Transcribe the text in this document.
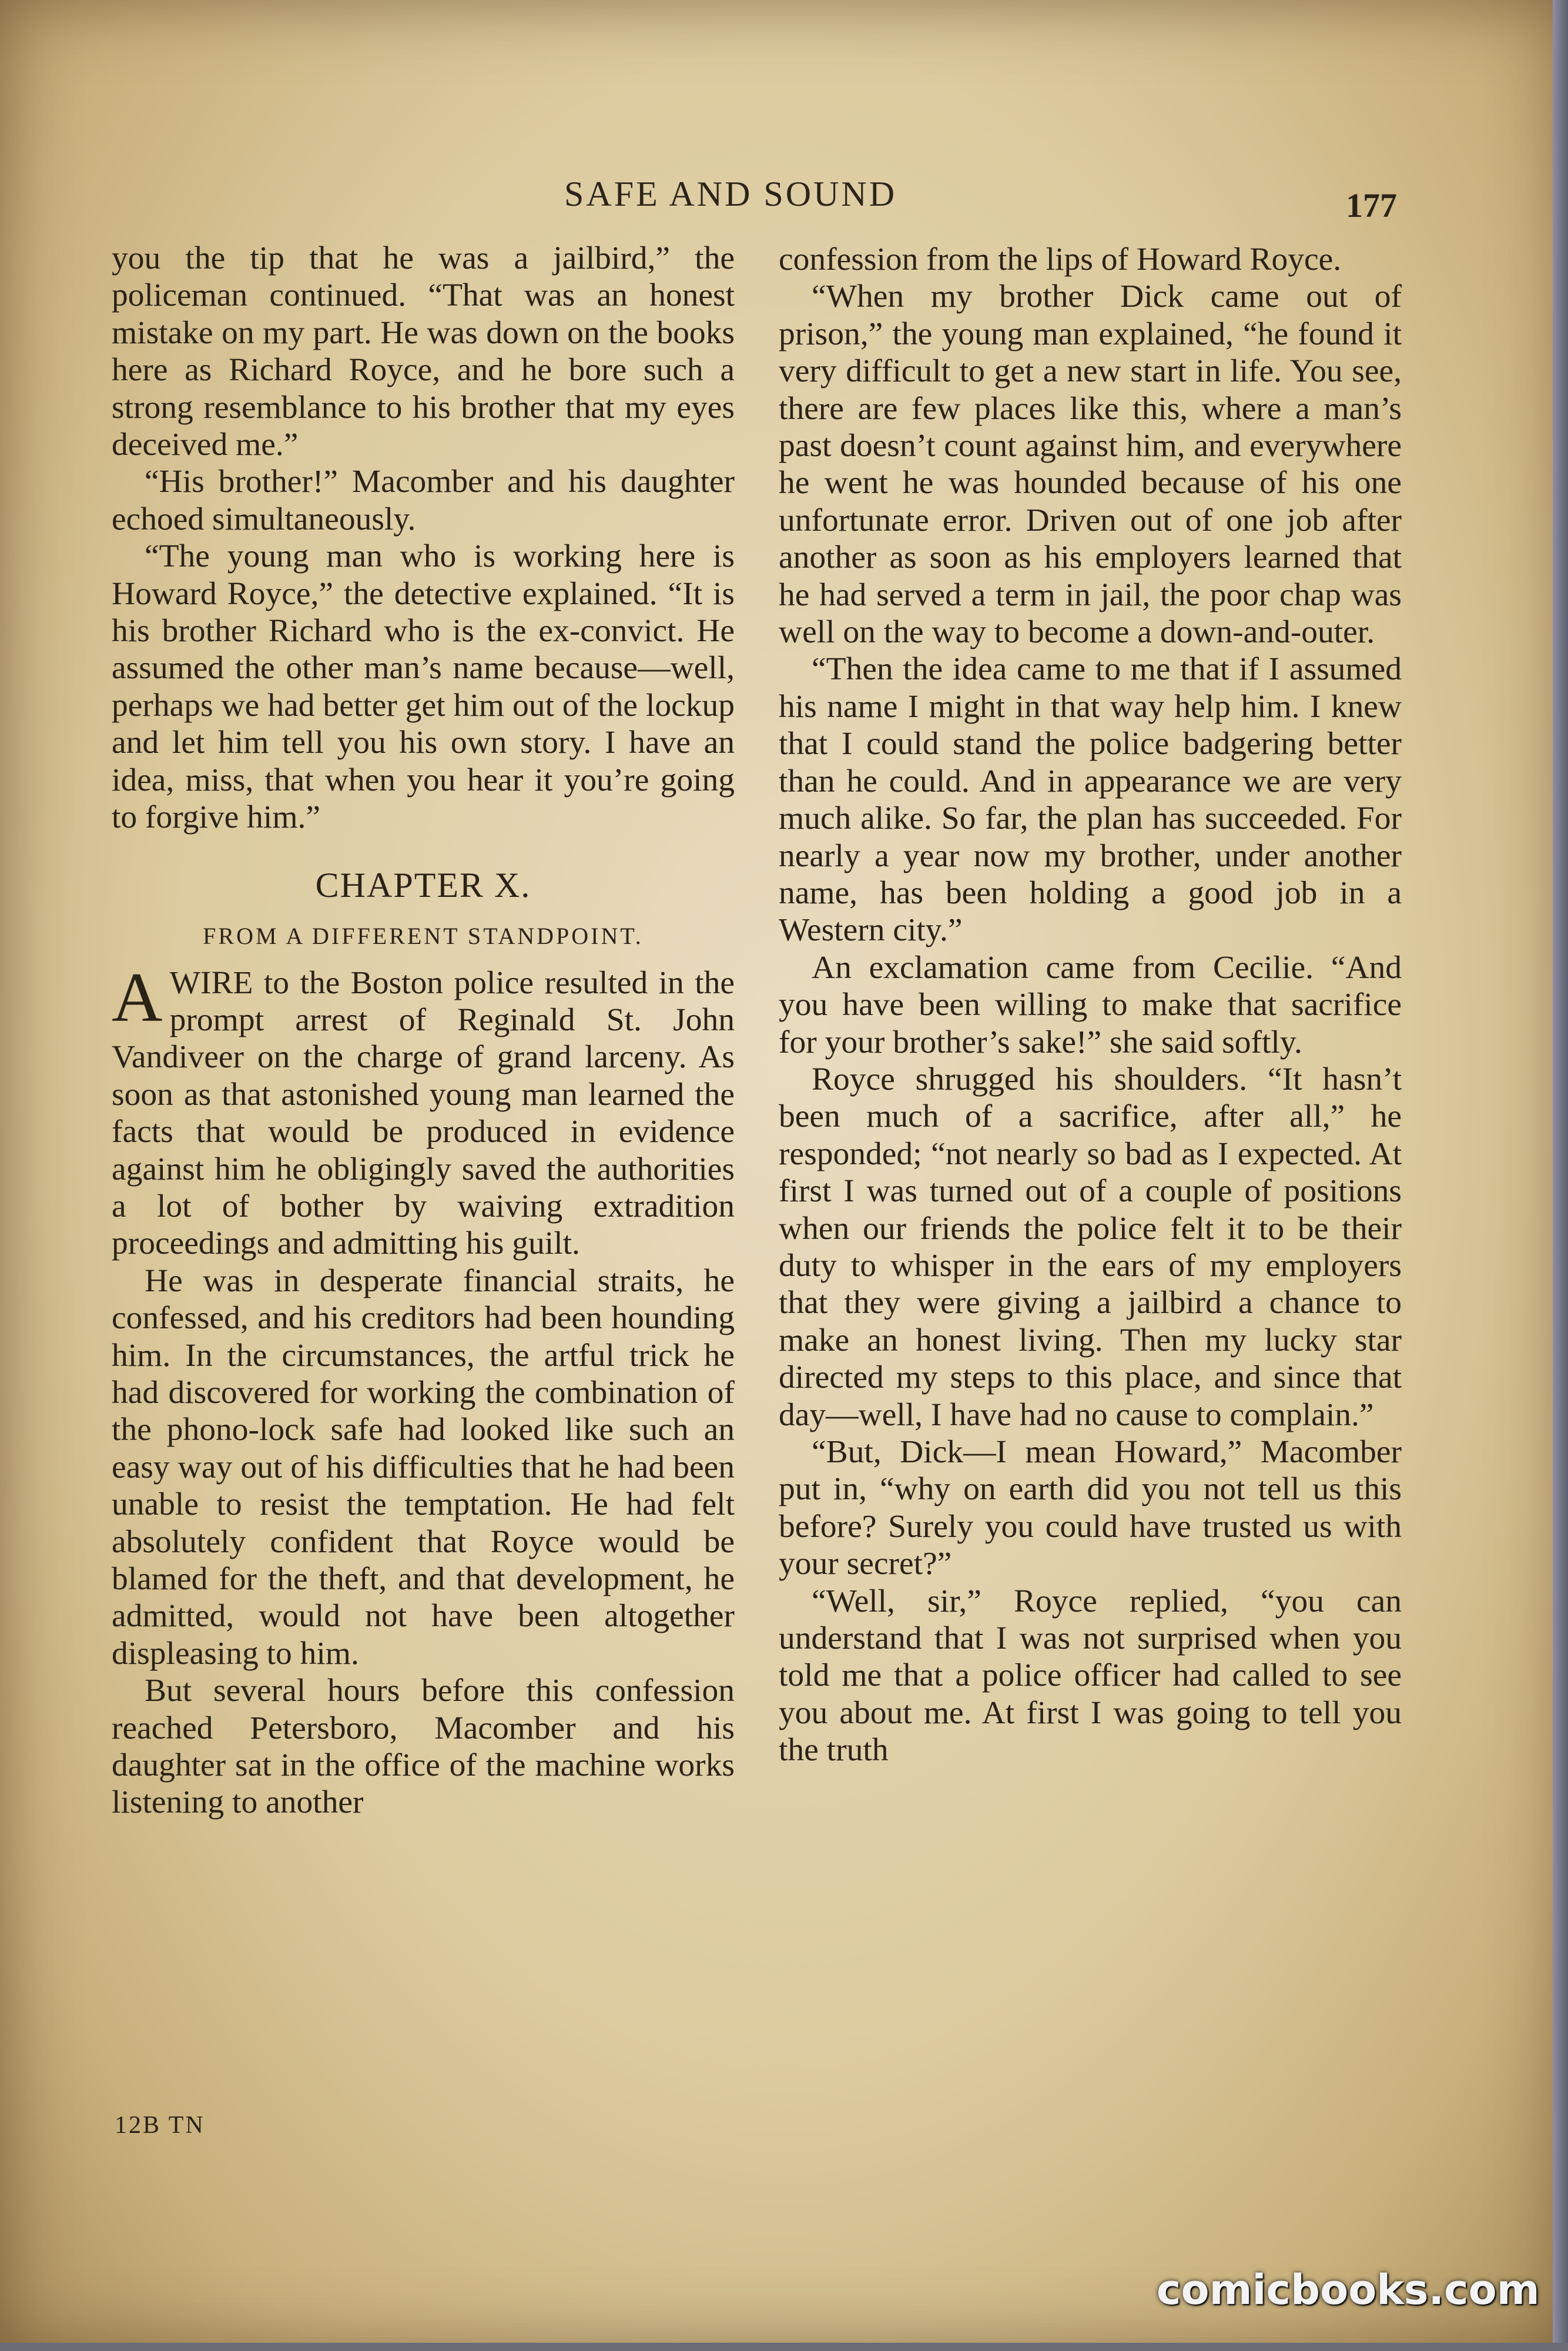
SAFE AND SOUND	177

you the tip that he was a jailbird,” the policeman continued. “That was an honest mistake on my part. He was down on the books here as Richard Royce, and he bore such a strong resemblance to his brother that my eyes deceived me.”

“His brother!” Macomber and his daughter echoed simultaneously.

“The young man who is working here is Howard Royce,” the detective explained. “It is his brother Richard who is the ex-convict. He assumed the other man’s name because—well, perhaps we had better get him out of the lockup and let him tell you his own story. I have an idea, miss, that when you hear it you’re going to forgive him.”

CHAPTER X.
FROM A DIFFERENT STANDPOINT.

AWIRE to the Boston police resulted in the prompt arrest of Reginald St. John Vandiveer on the charge of grand larceny. As soon as that astonished young man learned the facts that would be produced in evidence against him he obligingly saved the authorities a lot of bother by waiving extradition proceedings and admitting his guilt.

He was in desperate financial straits, he confessed, and his creditors had been hounding him. In the circumstances, the artful trick he had discovered for working the combination of the phono-lock safe had looked like such an easy way out of his difficulties that he had been unable to resist the temptation. He had felt absolutely confident that Royce would be blamed for the theft, and that development, he admitted, would not have been altogether displeasing to him.

But several hours before this confession reached Petersboro, Macomber and his daughter sat in the office of the machine works listening to another

confession from the lips of Howard Royce.

“When my brother Dick came out of prison,” the young man explained, “he found it very difficult to get a new start in life. You see, there are few places like this, where a man’s past doesn’t count against him, and everywhere he went he was hounded because of his one unfortunate error. Driven out of one job after another as soon as his employers learned that he had served a term in jail, the poor chap was well on the way to become a down-and-outer.

“Then the idea came to me that if I assumed his name I might in that way help him. I knew that I could stand the police badgering better than he could. And in appearance we are very much alike. So far, the plan has succeeded. For nearly a year now my brother, under another name, has been holding a good job in a Western city.”

An exclamation came from Cecilie. “And you have been willing to make that sacrifice for your brother’s sake!” she said softly.

Royce shrugged his shoulders. “It hasn’t been much of a sacrifice, after all,” he responded; “not nearly so bad as I expected. At first I was turned out of a couple of positions when our friends the police felt it to be their duty to whisper in the ears of my employers that they were giving a jailbird a chance to make an honest living. Then my lucky star directed my steps to this place, and since that day—well, I have had no cause to complain.”

“But, Dick—I mean Howard,” Macomber put in, “why on earth did you not tell us this before? Surely you could have trusted us with your secret?”

“Well, sir,” Royce replied, “you can understand that I was not surprised when you told me that a police officer had called to see you about me. At first I was going to tell you the truth

12B TN
comicbooks.com
